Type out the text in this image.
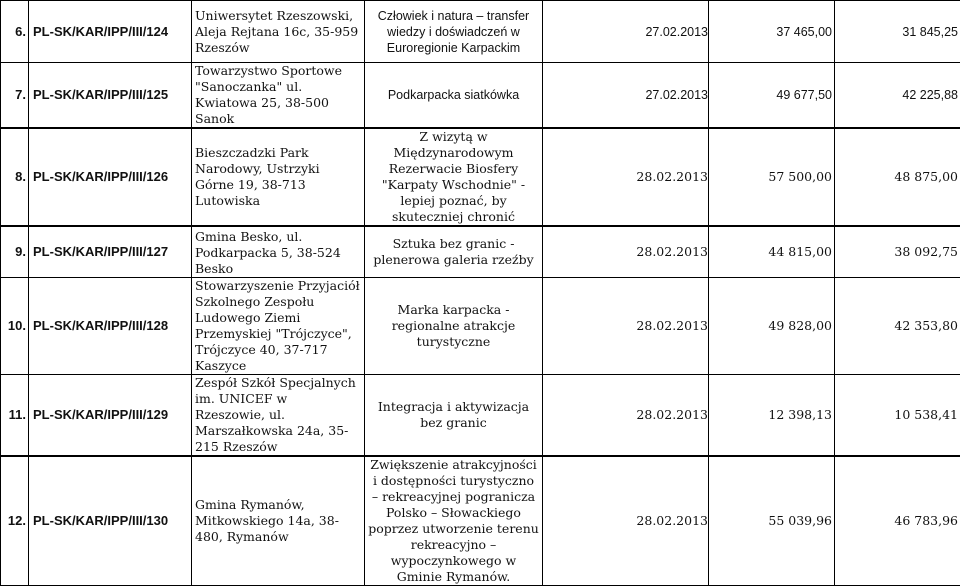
6.	PL-SK/KAR/IPP/III/124	Uniwersytet Rzeszowski, Aleja Rejtana 16c, 35-959 Rzeszów	Człowiek i natura – transfer wiedzy i doświadczeń w Euroregionie Karpackim	27.02.2013	37 465,00	31 845,25
7.	PL-SK/KAR/IPP/III/125	Towarzystwo Sportowe "Sanoczanka" ul. Kwiatowa 25, 38-500 Sanok	Podkarpacka siatkówka	27.02.2013	49 677,50	42 225,88
8.	PL-SK/KAR/IPP/III/126	Bieszczadzki Park Narodowy, Ustrzyki Górne 19, 38-713 Lutowiska	Z wizytą w Międzynarodowym Rezerwacie Biosfery "Karpaty Wschodnie" - lepiej poznać, by skuteczniej chronić	28.02.2013	57 500,00	48 875,00
9.	PL-SK/KAR/IPP/III/127	Gmina Besko, ul. Podkarpacka 5, 38-524 Besko	Sztuka bez granic - plenerowa galeria rzeźby	28.02.2013	44 815,00	38 092,75
10.	PL-SK/KAR/IPP/III/128	Stowarzyszenie Przyjaciół Szkolnego Zespołu Ludowego Ziemi Przemyskiej "Trójczyce", Trójczyce 40, 37-717 Kaszyce	Marka karpacka - regionalne atrakcje turystyczne	28.02.2013	49 828,00	42 353,80
11.	PL-SK/KAR/IPP/III/129	Zespół Szkół Specjalnych im. UNICEF w Rzeszowie, ul. Marszałkowska 24a, 35-215 Rzeszów	Integracja i aktywizacja bez granic	28.02.2013	12 398,13	10 538,41
12.	PL-SK/KAR/IPP/III/130	Gmina Rymanów, Mitkowskiego 14a, 38-480, Rymanów	Zwiększenie atrakcyjności i dostępności turystyczno – rekreacyjnej pogranicza Polsko – Słowackiego poprzez utworzenie terenu rekreacyjno – wypoczynkowego w Gminie Rymanów.	28.02.2013	55 039,96	46 783,96
